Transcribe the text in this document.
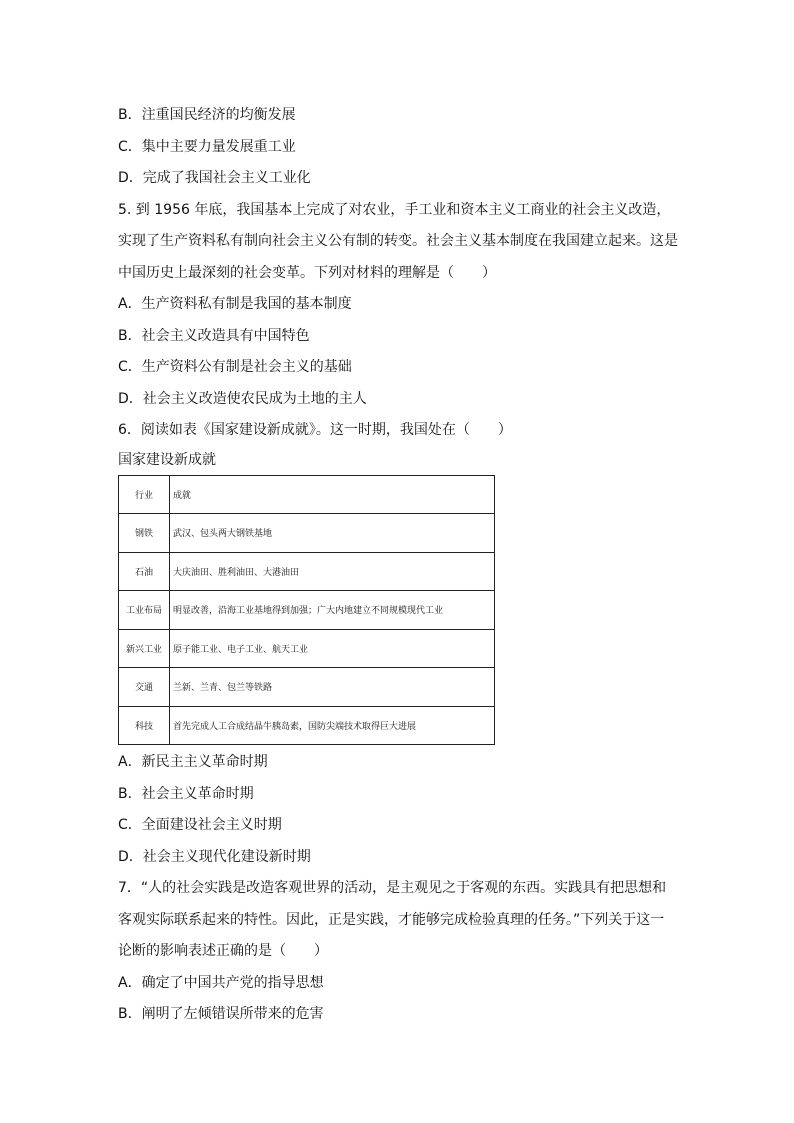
B．注重国民经济的均衡发展
C．集中主要力量发展重工业
D．完成了我国社会主义工业化
5. 到 1956 年底，我国基本上完成了对农业，手工业和资本主义工商业的社会主义改造，实现了生产资料私有制向社会主义公有制的转变。社会主义基本制度在我国建立起来。这是中国历史上最深刻的社会变革。下列对材料的理解是（　　）
A．生产资料私有制是我国的基本制度
B．社会主义改造具有中国特色
C．生产资料公有制是社会主义的基础
D．社会主义改造使农民成为土地的主人
6．阅读如表《国家建设新成就》。这一时期，我国处在（　　）
国家建设新成就
行业	成就
钢铁	武汉、包头两大钢铁基地
石油	大庆油田、胜利油田、大港油田
工业布局	明显改善，沿海工业基地得到加强；广大内地建立不同规模现代工业
新兴工业	原子能工业、电子工业、航天工业
交通	兰新、兰青、包兰等铁路
科技	首先完成人工合成结晶牛胰岛素，国防尖端技术取得巨大进展
A．新民主主义革命时期
B．社会主义革命时期
C．全面建设社会主义时期
D．社会主义现代化建设新时期
7．“人的社会实践是改造客观世界的活动，是主观见之于客观的东西。实践具有把思想和客观实际联系起来的特性。因此，正是实践，才能够完成检验真理的任务。”下列关于这一论断的影响表述正确的是（　　）
A．确定了中国共产党的指导思想
B．阐明了左倾错误所带来的危害
